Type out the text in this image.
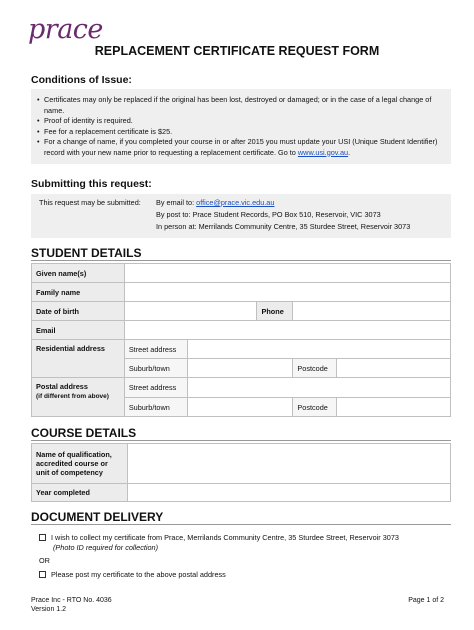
prace
REPLACEMENT CERTIFICATE REQUEST FORM
Conditions of Issue:
• Certificates may only be replaced if the original has been lost, destroyed or damaged; or in the case of a legal change of name.
• Proof of identity is required.
• Fee for a replacement certificate is $25.
• For a change of name, if you completed your course in or after 2015 you must update your USI (Unique Student Identifier) record with your new name prior to requesting a replacement certificate. Go to www.usi.gov.au.
Submitting this request:
This request may be submitted: By email to: office@prace.vic.edu.au
By post to: Prace Student Records, PO Box 510, Reservoir, VIC 3073
In person at: Merrilands Community Centre, 35 Sturdee Street, Reservoir 3073
STUDENT DETAILS
Given name(s)					
Family name					
Date of birth			Phone		
Email					
Residential address	Street address				
	Suburb/town			Postcode	
Postal address
(if different from above)	Street address				
	Suburb/town			Postcode	
COURSE DETAILS
Name of qualification, accredited course or unit of competency	
Year completed	
DOCUMENT DELIVERY
I wish to collect my certificate from Prace, Merrilands Community Centre, 35 Sturdee Street, Reservoir 3073
(Photo ID required for collection)
OR
Please post my certificate to the above postal address
Prace Inc - RTO No. 4036
Version 1.2
Page 1 of 2
